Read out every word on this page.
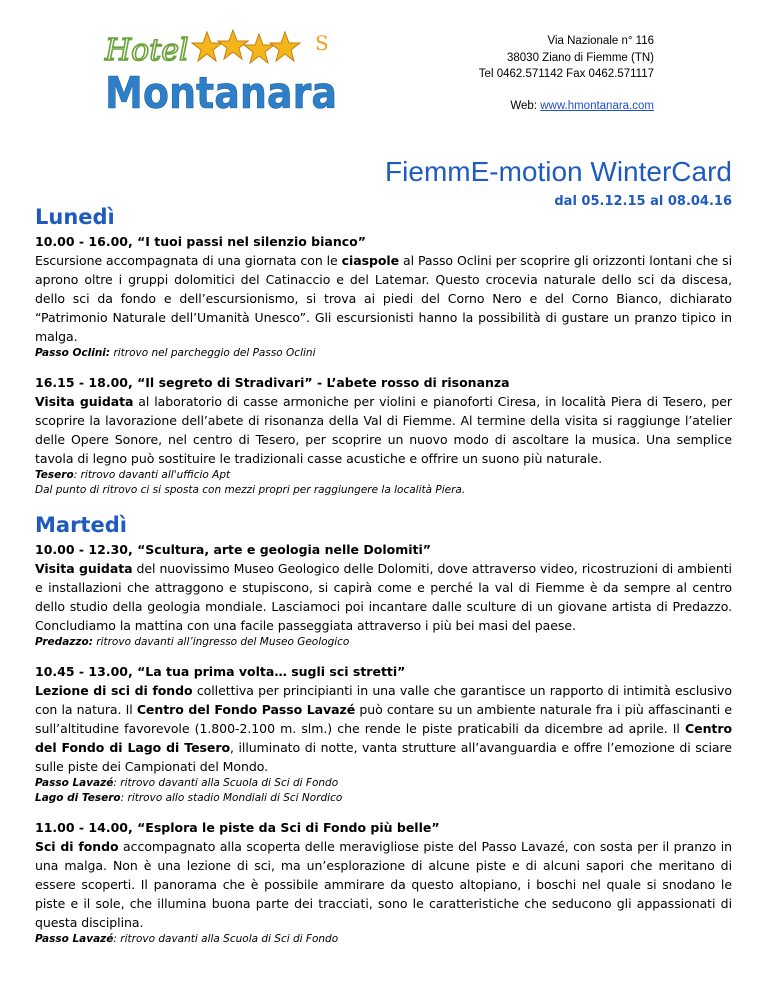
Hotel	S
Montanara
Via Nazionale n° 116
38030 Ziano di Fiemme (TN)
Tel 0462.571142 Fax 0462.571117
Web: www.hmontanara.com
FiemmE-motion WinterCard
dal 05.12.15 al 08.04.16
Lunedì
10.00 - 16.00, “I tuoi passi nel silenzio bianco”
Escursione accompagnata di una giornata con le ciaspole al Passo Oclini per scoprire gli orizzonti lontani che si aprono oltre i gruppi dolomitici del Catinaccio e del Latemar. Questo crocevia naturale dello sci da discesa, dello sci da fondo e dell’escursionismo, si trova ai piedi del Corno Nero e del Corno Bianco, dichiarato “Patrimonio Naturale dell’Umanità Unesco”. Gli escursionisti hanno la possibilità di gustare un pranzo tipico in malga.
Passo Oclini: ritrovo nel parcheggio del Passo Oclini
16.15 - 18.00, “Il segreto di Stradivari” - L’abete rosso di risonanza
Visita guidata al laboratorio di casse armoniche per violini e pianoforti Ciresa, in località Piera di Tesero, per scoprire la lavorazione dell’abete di risonanza della Val di Fiemme. Al termine della visita si raggiunge l’atelier delle Opere Sonore, nel centro di Tesero, per scoprire un nuovo modo di ascoltare la musica. Una semplice tavola di legno può sostituire le tradizionali casse acustiche e offrire un suono più naturale.
Tesero: ritrovo davanti all'ufficio Apt
Dal punto di ritrovo ci si sposta con mezzi propri per raggiungere la località Piera.
Martedì
10.00 - 12.30, “Scultura, arte e geologia nelle Dolomiti”
Visita guidata del nuovissimo Museo Geologico delle Dolomiti, dove attraverso video, ricostruzioni di ambienti e installazioni che attraggono e stupiscono, si capirà come e perché la val di Fiemme è da sempre al centro dello studio della geologia mondiale. Lasciamoci poi incantare dalle sculture di un giovane artista di Predazzo. Concludiamo la mattina con una facile passeggiata attraverso i più bei masi del paese.
Predazzo: ritrovo davanti all’ingresso del Museo Geologico
10.45 - 13.00, “La tua prima volta… sugli sci stretti”
Lezione di sci di fondo collettiva per principianti in una valle che garantisce un rapporto di intimità esclusivo con la natura. Il Centro del Fondo Passo Lavazé può contare su un ambiente naturale fra i più affascinanti e sull’altitudine favorevole (1.800-2.100 m. slm.) che rende le piste praticabili da dicembre ad aprile. Il Centro del Fondo di Lago di Tesero, illuminato di notte, vanta strutture all’avanguardia e offre l’emozione di sciare sulle piste dei Campionati del Mondo.
Passo Lavazé: ritrovo davanti alla Scuola di Sci di Fondo
Lago di Tesero: ritrovo allo stadio Mondiali di Sci Nordico
11.00 - 14.00, “Esplora le piste da Sci di Fondo più belle”
Sci di fondo accompagnato alla scoperta delle meravigliose piste del Passo Lavazé, con sosta per il pranzo in una malga. Non è una lezione di sci, ma un’esplorazione di alcune piste e di alcuni sapori che meritano di essere scoperti. Il panorama che è possibile ammirare da questo altopiano, i boschi nel quale si snodano le piste e il sole, che illumina buona parte dei tracciati, sono le caratteristiche che seducono gli appassionati di questa disciplina.
Passo Lavazé: ritrovo davanti alla Scuola di Sci di Fondo
